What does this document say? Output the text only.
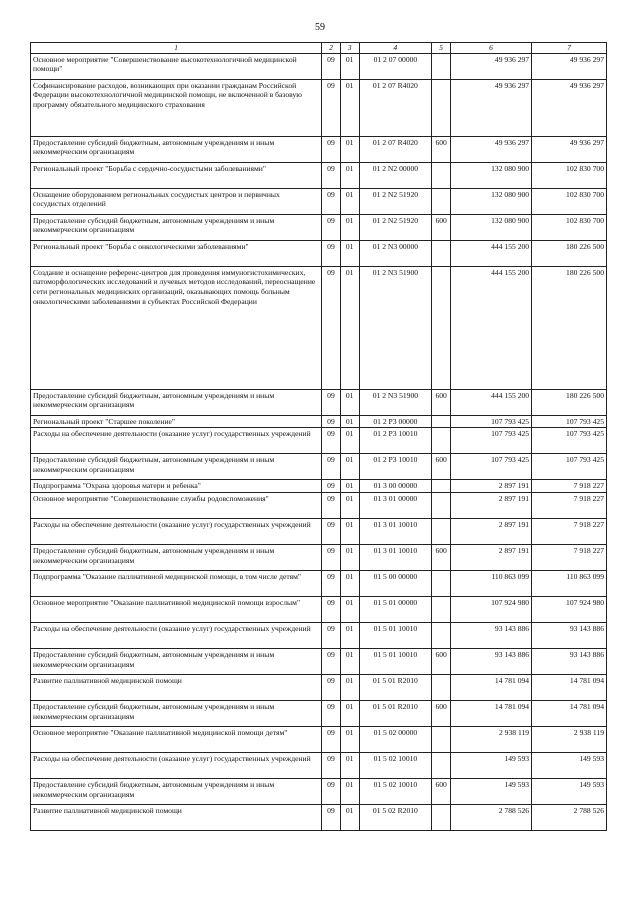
59
1	2	3	4	5	6	7
Основное мероприятие "Совершенствование высокотехнологичной медицинской помощи"	09	01	01 2 07 00000		49 936 297	49 936 297
Софинансирование расходов, возникающих при оказании гражданам Российской Федерации высокотехнологичной медицинской помощи, не включенной в базовую программу обязательного медицинского страхования	09	01	01 2 07 R4020		49 936 297	49 936 297
Предоставление субсидий бюджетным, автономным учреждениям и иным некоммерческим организациям	09	01	01 2 07 R4020	600	49 936 297	49 936 297
Региональный проект "Борьба с сердечно-сосудистыми заболеваниями"	09	01	01 2 N2 00000		132 080 900	102 830 700
Оснащение оборудованием региональных сосудистых центров и первичных сосудистых отделений	09	01	01 2 N2 51920		132 080 900	102 830 700
Предоставление субсидий бюджетным, автономным учреждениям и иным некоммерческим организациям	09	01	01 2 N2 51920	600	132 080 900	102 830 700
Региональный проект "Борьба с онкологическими заболеваниями"	09	01	01 2 N3 00000		444 155 200	180 226 500
Создание и оснащение референс-центров для проведения иммуногистохимических, патоморфологических исследований и лучевых методов исследований, переоснащение сети региональных медицинских организаций, оказывающих помощь больным онкологическими заболеваниями в субъектах Российской Федерации	09	01	01 2 N3 51900		444 155 200	180 226 500
Предоставление субсидий бюджетным, автономным учреждениям и иным некоммерческим организациям	09	01	01 2 N3 51900	600	444 155 200	180 226 500
Региональный проект "Старшее поколение"	09	01	01 2 P3 00000		107 793 425	107 793 425
Расходы на обеспечение деятельности (оказание услуг) государственных учреждений	09	01	01 2 P3 10010		107 793 425	107 793 425
Предоставление субсидий бюджетным, автономным учреждениям и иным некоммерческим организациям	09	01	01 2 P3 10010	600	107 793 425	107 793 425
Подпрограмма "Охрана здоровья матери и ребенка"	09	01	01 3 00 00000		2 897 191	7 918 227
Основное мероприятие "Совершенствование службы родовспоможения"	09	01	01 3 01 00000		2 897 191	7 918 227
Расходы на обеспечение деятельности (оказание услуг) государственных учреждений	09	01	01 3 01 10010		2 897 191	7 918 227
Предоставление субсидий бюджетным, автономным учреждениям и иным некоммерческим организациям	09	01	01 3 01 10010	600	2 897 191	7 918 227
Подпрограмма "Оказание паллиативной медицинской помощи, в том числе детям"	09	01	01 5 00 00000		110 863 099	110 863 099
Основное мероприятие "Оказание паллиативной медицинской помощи взрослым"	09	01	01 5 01 00000		107 924 980	107 924 980
Расходы на обеспечение деятельности (оказание услуг) государственных учреждений	09	01	01 5 01 10010		93 143 886	93 143 886
Предоставление субсидий бюджетным, автономным учреждениям и иным некоммерческим организациям	09	01	01 5 01 10010	600	93 143 886	93 143 886
Развитие паллиативной медицинской помощи	09	01	01 5 01 R2010		14 781 094	14 781 094
Предоставление субсидий бюджетным, автономным учреждениям и иным некоммерческим организациям	09	01	01 5 01 R2010	600	14 781 094	14 781 094
Основное мероприятие "Оказание паллиативной медицинской помощи детям"	09	01	01 5 02 00000		2 938 119	2 938 119
Расходы на обеспечение деятельности (оказание услуг) государственных учреждений	09	01	01 5 02 10010		149 593	149 593
Предоставление субсидий бюджетным, автономным учреждениям и иным некоммерческим организациям	09	01	01 5 02 10010	600	149 593	149 593
Развитие паллиативной медицинской помощи	09	01	01 5 02 R2010		2 788 526	2 788 526
